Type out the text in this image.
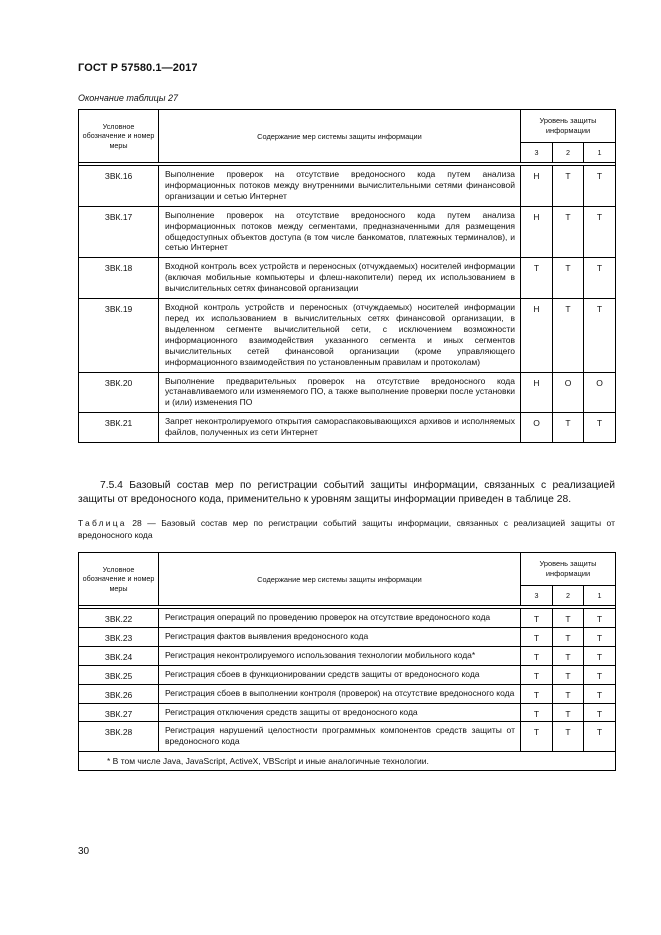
ГОСТ Р 57580.1—2017
Окончание таблицы 27
Условное обозначение и номер меры	Содержание мер системы защиты информации	Уровень защиты информации		
		3	2	1

ЗВК.16	Выполнение проверок на отсутствие вредоносного кода путем анализа информационных потоков между внутренними вычислительными сетями финансовой организации и сетью Интернет	Н	Т	Т
ЗВК.17	Выполнение проверок на отсутствие вредоносного кода путем анализа информационных потоков между сегментами, предназначенными для размещения общедоступных объектов доступа (в том числе банкоматов, платежных терминалов), и сетью Интернет	Н	Т	Т
ЗВК.18	Входной контроль всех устройств и переносных (отчуждаемых) носителей информации (включая мобильные компьютеры и флеш-накопители) перед их использованием в вычислительных сетях финансовой организации	Т	Т	Т
ЗВК.19	Входной контроль устройств и переносных (отчуждаемых) носителей информации перед их использованием в вычислительных сетях финансовой организации, в выделенном сегменте вычислительной сети, с исключением возможности информационного взаимодействия указанного сегмента и иных сегментов вычислительных сетей финансовой организации (кроме управляющего информационного взаимодействия по установленным правилам и протоколам)	Н	Т	Т
ЗВК.20	Выполнение предварительных проверок на отсутствие вредоносного кода устанавливаемого или изменяемого ПО, а также выполнение проверки после установки и (или) изменения ПО	Н	О	О
ЗВК.21	Запрет неконтролируемого открытия самораспаковывающихся архивов и исполняемых файлов, полученных из сети Интернет	О	Т	Т
7.5.4 Базовый состав мер по регистрации событий защиты информации, связанных с реализацией защиты от вредоносного кода, применительно к уровням защиты информации приведен в таблице 28.
Таблица 28 — Базовый состав мер по регистрации событий защиты информации, связанных с реализацией защиты от вредоносного кода
Условное обозначение и номер меры	Содержание мер системы защиты информации	Уровень защиты информации		
		3	2	1

ЗВК.22	Регистрация операций по проведению проверок на отсутствие вредоносного кода	Т	Т	Т
ЗВК.23	Регистрация фактов выявления вредоносного кода	Т	Т	Т
ЗВК.24	Регистрация неконтролируемого использования технологии мобильного кода*	Т	Т	Т
ЗВК.25	Регистрация сбоев в функционировании средств защиты от вредоносного кода	Т	Т	Т
ЗВК.26	Регистрация сбоев в выполнении контроля (проверок) на отсутствие вредоносного кода	Т	Т	Т
ЗВК.27	Регистрация отключения средств защиты от вредоносного кода	Т	Т	Т
ЗВК.28	Регистрация нарушений целостности программных компонентов средств защиты от вредоносного кода	Т	Т	Т
* В том числе Java, JavaScript, ActiveX, VBScript и иные аналогичные технологии.				
30
